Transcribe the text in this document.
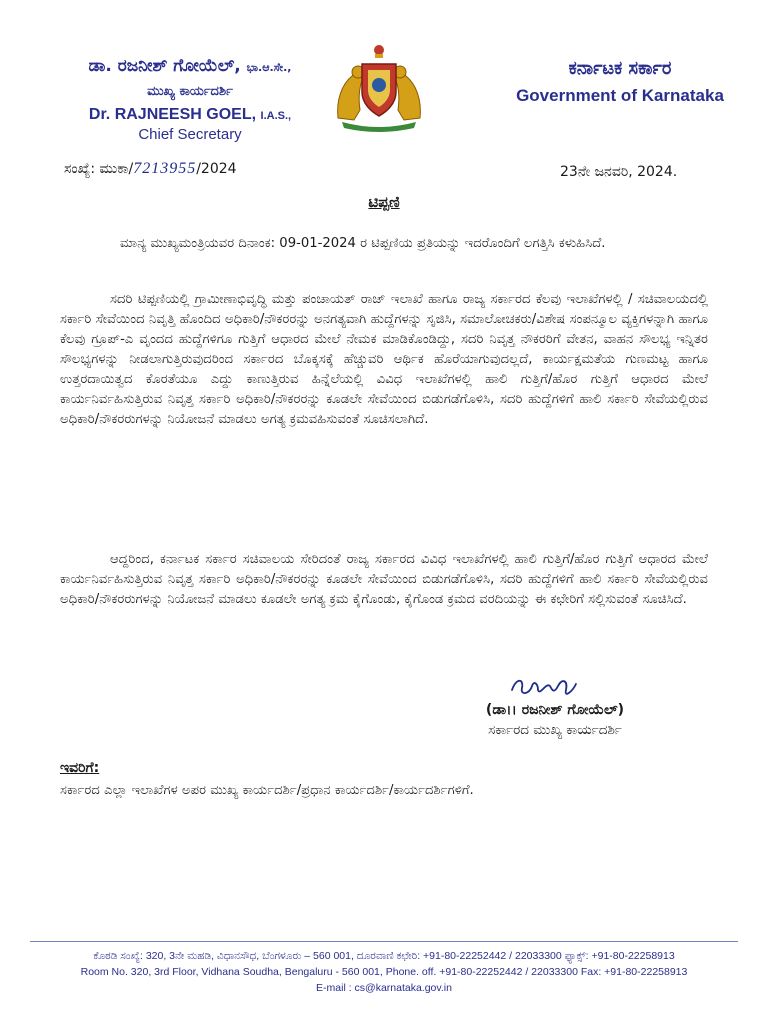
ಡಾ. ರಜನೀಶ್ ಗೋಯೆಲ್, ಭಾ.ಆ.ಸೇ.,
ಮುಖ್ಯ ಕಾರ್ಯದರ್ಶಿ
Dr. RAJNEESH GOEL, I.A.S.,
Chief Secretary
ಕರ್ನಾಟಕ ಸರ್ಕಾರ
Government of Karnataka
ಸಂಖ್ಯೆ: ಮುಕಾ/7213955/2024	23ನೇ ಜನವರಿ, 2024.
ಟಿಪ್ಪಣಿ
ಮಾನ್ಯ ಮುಖ್ಯಮಂತ್ರಿಯವರ ದಿನಾಂಕ: 09-01-2024 ರ ಟಿಪ್ಪಣಿಯ ಪ್ರತಿಯನ್ನು ಇದರೊಂದಿಗೆ ಲಗತ್ತಿಸಿ ಕಳುಹಿಸಿದೆ.
ಸದರಿ ಟಿಪ್ಪಣಿಯಲ್ಲಿ ಗ್ರಾಮೀಣಾಭಿವೃದ್ಧಿ ಮತ್ತು ಪಂಚಾಯತ್ ರಾಜ್ ಇಲಾಖೆ ಹಾಗೂ ರಾಜ್ಯ ಸರ್ಕಾರದ ಕೆಲವು ಇಲಾಖೆಗಳಲ್ಲಿ / ಸಚಿವಾಲಯದಲ್ಲಿ ಸರ್ಕಾರಿ ಸೇವೆಯಿಂದ ನಿವೃತ್ತಿ ಹೊಂದಿದ ಅಧಿಕಾರಿ/ನೌಕರರನ್ನು ಅನಗತ್ಯವಾಗಿ ಹುದ್ದೆಗಳನ್ನು ಸೃಜಿಸಿ, ಸಮಾಲೋಚಕರು/ವಿಶೇಷ ಸಂಪನ್ಮೂಲ ವ್ಯಕ್ತಿಗಳನ್ನಾಗಿ ಹಾಗೂ ಕೆಲವು ಗ್ರೂಪ್-ಎ ವೃಂದದ ಹುದ್ದೆಗಳಿಗೂ ಗುತ್ತಿಗೆ ಆಧಾರದ ಮೇಲೆ ನೇಮಕ ಮಾಡಿಕೊಂಡಿದ್ದು, ಸದರಿ ನಿವೃತ್ತ ನೌಕರರಿಗೆ ವೇತನ, ವಾಹನ ಸೌಲಭ್ಯ ಇನ್ನಿತರ ಸೌಲಭ್ಯಗಳನ್ನು ನೀಡಲಾಗುತ್ತಿರುವುದರಿಂದ ಸರ್ಕಾರದ ಬೊಕ್ಕಸಕ್ಕೆ ಹೆಚ್ಚುವರಿ ಆರ್ಥಿಕ ಹೊರೆಯಾಗುವುದಲ್ಲದೆ, ಕಾರ್ಯಕ್ಷಮತೆಯ ಗುಣಮಟ್ಟ ಹಾಗೂ ಉತ್ತರದಾಯಿತ್ವದ ಕೊರತೆಯೂ ಎದ್ದು ಕಾಣುತ್ತಿರುವ ಹಿನ್ನೆಲೆಯಲ್ಲಿ ವಿವಿಧ ಇಲಾಖೆಗಳಲ್ಲಿ ಹಾಲಿ ಗುತ್ತಿಗೆ/ಹೊರ ಗುತ್ತಿಗೆ ಆಧಾರದ ಮೇಲೆ ಕಾರ್ಯನಿರ್ವಹಿಸುತ್ತಿರುವ ನಿವೃತ್ತ ಸರ್ಕಾರಿ ಅಧಿಕಾರಿ/ನೌಕರರನ್ನು ಕೂಡಲೇ ಸೇವೆಯಿಂದ ಬಿಡುಗಡೆಗೊಳಿಸಿ, ಸದರಿ ಹುದ್ದೆಗಳಿಗೆ ಹಾಲಿ ಸರ್ಕಾರಿ ಸೇವೆಯಲ್ಲಿರುವ ಅಧಿಕಾರಿ/ನೌಕರರುಗಳನ್ನು ನಿಯೋಜನೆ ಮಾಡಲು ಅಗತ್ಯ ಕ್ರಮವಹಿಸುವಂತೆ ಸೂಚಿಸಲಾಗಿದೆ.
ಆದ್ದರಿಂದ, ಕರ್ನಾಟಕ ಸರ್ಕಾರ ಸಚಿವಾಲಯ ಸೇರಿದಂತೆ ರಾಜ್ಯ ಸರ್ಕಾರದ ವಿವಿಧ ಇಲಾಖೆಗಳಲ್ಲಿ ಹಾಲಿ ಗುತ್ತಿಗೆ/ಹೊರ ಗುತ್ತಿಗೆ ಆಧಾರದ ಮೇಲೆ ಕಾರ್ಯನಿರ್ವಹಿಸುತ್ತಿರುವ ನಿವೃತ್ತ ಸರ್ಕಾರಿ ಅಧಿಕಾರಿ/ನೌಕರರನ್ನು ಕೂಡಲೇ ಸೇವೆಯಿಂದ ಬಿಡುಗಡೆಗೊಳಿಸಿ, ಸದರಿ ಹುದ್ದೆಗಳಿಗೆ ಹಾಲಿ ಸರ್ಕಾರಿ ಸೇವೆಯಲ್ಲಿರುವ ಅಧಿಕಾರಿ/ನೌಕರರುಗಳನ್ನು ನಿಯೋಜನೆ ಮಾಡಲು ಕೂಡಲೇ ಅಗತ್ಯ ಕ್ರಮ ಕೈಗೊಂಡು, ಕೈಗೊಂಡ ಕ್ರಮದ ವರದಿಯನ್ನು ಈ ಕಛೇರಿಗೆ ಸಲ್ಲಿಸುವಂತೆ ಸೂಚಿಸಿದೆ.
(ಡಾ।। ರಜನೀಶ್ ಗೋಯೆಲ್)
ಸರ್ಕಾರದ ಮುಖ್ಯ ಕಾರ್ಯದರ್ಶಿ
ಇವರಿಗೆ:
ಸರ್ಕಾರದ ಎಲ್ಲಾ ಇಲಾಖೆಗಳ ಅಪರ ಮುಖ್ಯ ಕಾರ್ಯದರ್ಶಿ/ಪ್ರಧಾನ ಕಾರ್ಯದರ್ಶಿ/ಕಾರ್ಯದರ್ಶಿಗಳಿಗೆ.
ಕೊಠಡಿ ಸಂಖ್ಯೆ: 320, 3ನೇ ಮಹಡಿ, ವಿಧಾನಸೌಧ, ಬೆಂಗಳೂರು – 560 001, ದೂರವಾಣಿ ಕಛೇರಿ: +91-80-22252442 / 22033300 ಫ್ಯಾಕ್ಸ್: +91-80-22258913
Room No. 320, 3rd Floor, Vidhana Soudha, Bengaluru - 560 001, Phone. off. +91-80-22252442 / 22033300 Fax: +91-80-22258913
E-mail : cs@karnataka.gov.in
